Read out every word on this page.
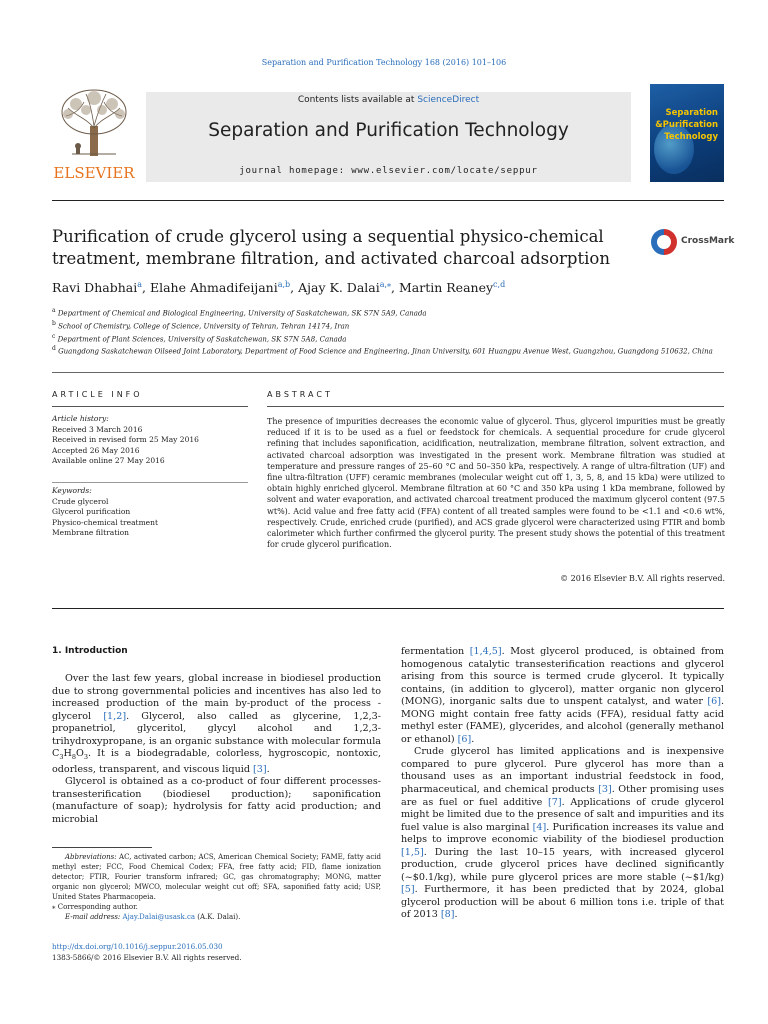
Separation and Purification Technology 168 (2016) 101–106
ELSEVIER
Contents lists available at ScienceDirect
Separation and Purification Technology
journal homepage: www.elsevier.com/locate/seppur
Separation
&Purification
Technology
Purification of crude glycerol using a sequential physico-chemical
treatment, membrane filtration, and activated charcoal adsorption
CrossMark
Ravi Dhabhai$^a$, Elahe Ahmadifeijani$^{a,b}$, Ajay K. Dalai$^{a,⁎}$, Martin Reaney$^{c,d}$
$^a$ Department of Chemical and Biological Engineering, University of Saskatchewan, SK S7N 5A9, Canada
$^b$ School of Chemistry, College of Science, University of Tehran, Tehran 14174, Iran
$^c$ Department of Plant Sciences, University of Saskatchewan, SK S7N 5A8, Canada
$^d$ Guangdong Saskatchewan Oilseed Joint Laboratory, Department of Food Science and Engineering, Jinan University, 601 Huangpu Avenue West, Guangzhou, Guangdong 510632, China
ARTICLE INFO	ABSTRACT
Article history:
Received 3 March 2016
Received in revised form 25 May 2016
Accepted 26 May 2016
Available online 27 May 2016
Keywords:
Crude glycerol
Glycerol purification
Physico-chemical treatment
Membrane filtration
The presence of impurities decreases the economic value of glycerol. Thus, glycerol impurities must be greatly reduced if it is to be used as a fuel or feedstock for chemicals. A sequential procedure for crude glycerol refining that includes saponification, acidification, neutralization, membrane filtration, solvent extraction, and activated charcoal adsorption was investigated in the present work. Membrane filtration was studied at temperature and pressure ranges of 25–60 °C and 50–350 kPa, respectively. A range of ultra-filtration (UF) and fine ultra-filtration (UFF) ceramic membranes (molecular weight cut off 1, 3, 5, 8, and 15 kDa) were utilized to obtain highly enriched glycerol. Membrane filtration at 60 °C and 350 kPa using 1 kDa membrane, followed by solvent and water evaporation, and activated charcoal treatment produced the maximum glycerol content (97.5 wt%). Acid value and free fatty acid (FFA) content of all treated samples were found to be <1.1 and <0.6 wt%, respectively. Crude, enriched crude (purified), and ACS grade glycerol were characterized using FTIR and bomb calorimeter which further confirmed the glycerol purity. The present study shows the potential of this treatment for crude glycerol purification.
© 2016 Elsevier B.V. All rights reserved.
1. Introduction

Over the last few years, global increase in biodiesel production due to strong governmental policies and incentives has also led to increased production of the main by-product of the process - glycerol [1,2]. Glycerol, also called as glycerine, 1,2,3- propanetriol, glyceritol, glycyl alcohol and 1,2,3-trihydroxypropane, is an organic substance with molecular formula $C_3H_8O_3$. It is a biodegradable, colorless, hygroscopic, nontoxic, odorless, transparent, and viscous liquid [3].

Glycerol is obtained as a co-product of four different processes- transesterification (biodiesel production); saponification (manufacture of soap); hydrolysis for fatty acid production; and microbial

Abbreviations: AC, activated carbon; ACS, American Chemical Society; FAME, fatty acid methyl ester; FCC, Food Chemical Codex; FFA, free fatty acid; FID, flame ionization detector; FTIR, Fourier transform infrared; GC, gas chromatography; MONG, matter organic non glycerol; MWCO, molecular weight cut off; SFA, saponified fatty acid; USP, United States Pharmacopeia.

⁎ Corresponding author.

E-mail address: Ajay.Dalai@usask.ca (A.K. Dalai).

http://dx.doi.org/10.1016/j.seppur.2016.05.030
1383-5866/© 2016 Elsevier B.V. All rights reserved.

fermentation [1,4,5]. Most glycerol produced, is obtained from homogenous catalytic transesterification reactions and glycerol arising from this source is termed crude glycerol. It typically contains, (in addition to glycerol), matter organic non glycerol (MONG), inorganic salts due to unspent catalyst, and water [6]. MONG might contain free fatty acids (FFA), residual fatty acid methyl ester (FAME), glycerides, and alcohol (generally methanol or ethanol) [6].

Crude glycerol has limited applications and is inexpensive compared to pure glycerol. Pure glycerol has more than a thousand uses as an important industrial feedstock in food, pharmaceutical, and chemical products [3]. Other promising uses are as fuel or fuel additive [7]. Applications of crude glycerol might be limited due to the presence of salt and impurities and its fuel value is also marginal [4]. Purification increases its value and helps to improve economic viability of the biodiesel production [1,5]. During the last 10–15 years, with increased glycerol production, crude glycerol prices have declined significantly (~$0.1/kg), while pure glycerol prices are more stable (~$1/kg) [5]. Furthermore, it has been predicted that by 2024, global glycerol production will be about 6 million tons i.e. triple of that of 2013 [8].
